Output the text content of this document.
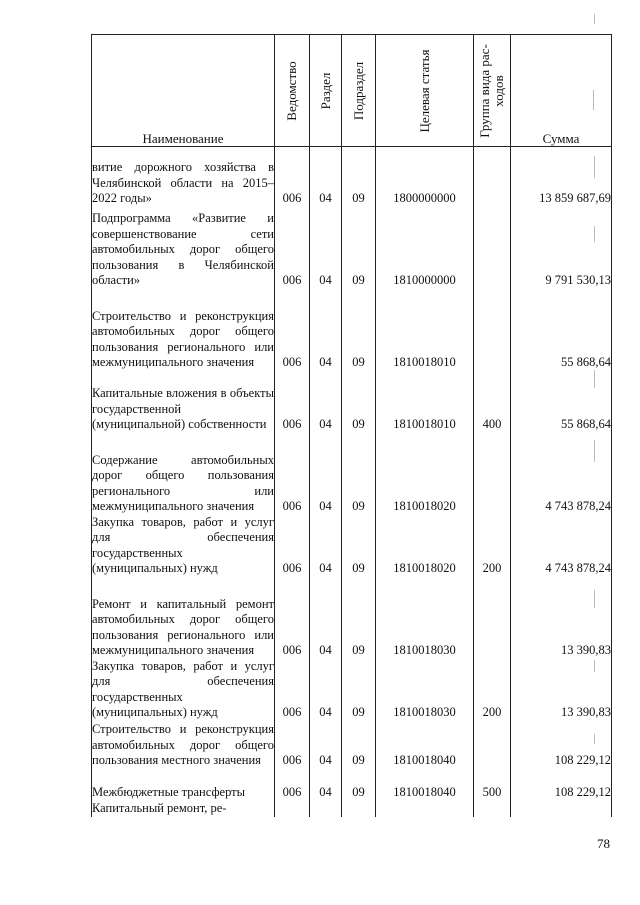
Наименование	Ведомство	Раздел	Подраздел	Целевая статья	Группа вида рас-ходов	Сумма
витие дорожного хозяйства в Челябинской области на 2015–2022 годы»	006	04	09	1800000000		13 859 687,69
Подпрограмма «Развитие и совершенствование сети автомобильных дорог общего пользования в Челябинской области»	006	04	09	1810000000		9 791 530,13
Строительство и реконструкция автомобильных дорог общего пользования регионального или межмуниципального значения	006	04	09	1810018010		55 868,64
Капитальные вложения в объекты государственной (муниципальной) собственности	006	04	09	1810018010	400	55 868,64
Содержание автомобильных дорог общего пользования регионального или межмуниципального значения	006	04	09	1810018020		4 743 878,24
Закупка товаров, работ и услуг для обеспечения государственных (муниципальных) нужд	006	04	09	1810018020	200	4 743 878,24
Ремонт и капитальный ремонт автомобильных дорог общего пользования регионального или межмуниципального значения	006	04	09	1810018030		13 390,83
Закупка товаров, работ и услуг для обеспечения государственных (муниципальных) нужд	006	04	09	1810018030	200	13 390,83
Строительство и реконструкция автомобильных дорог общего пользования местного значения	006	04	09	1810018040		108 229,12
Межбюджетные трансферты	006	04	09	1810018040	500	108 229,12
Капитальный ремонт, ре-						
78
